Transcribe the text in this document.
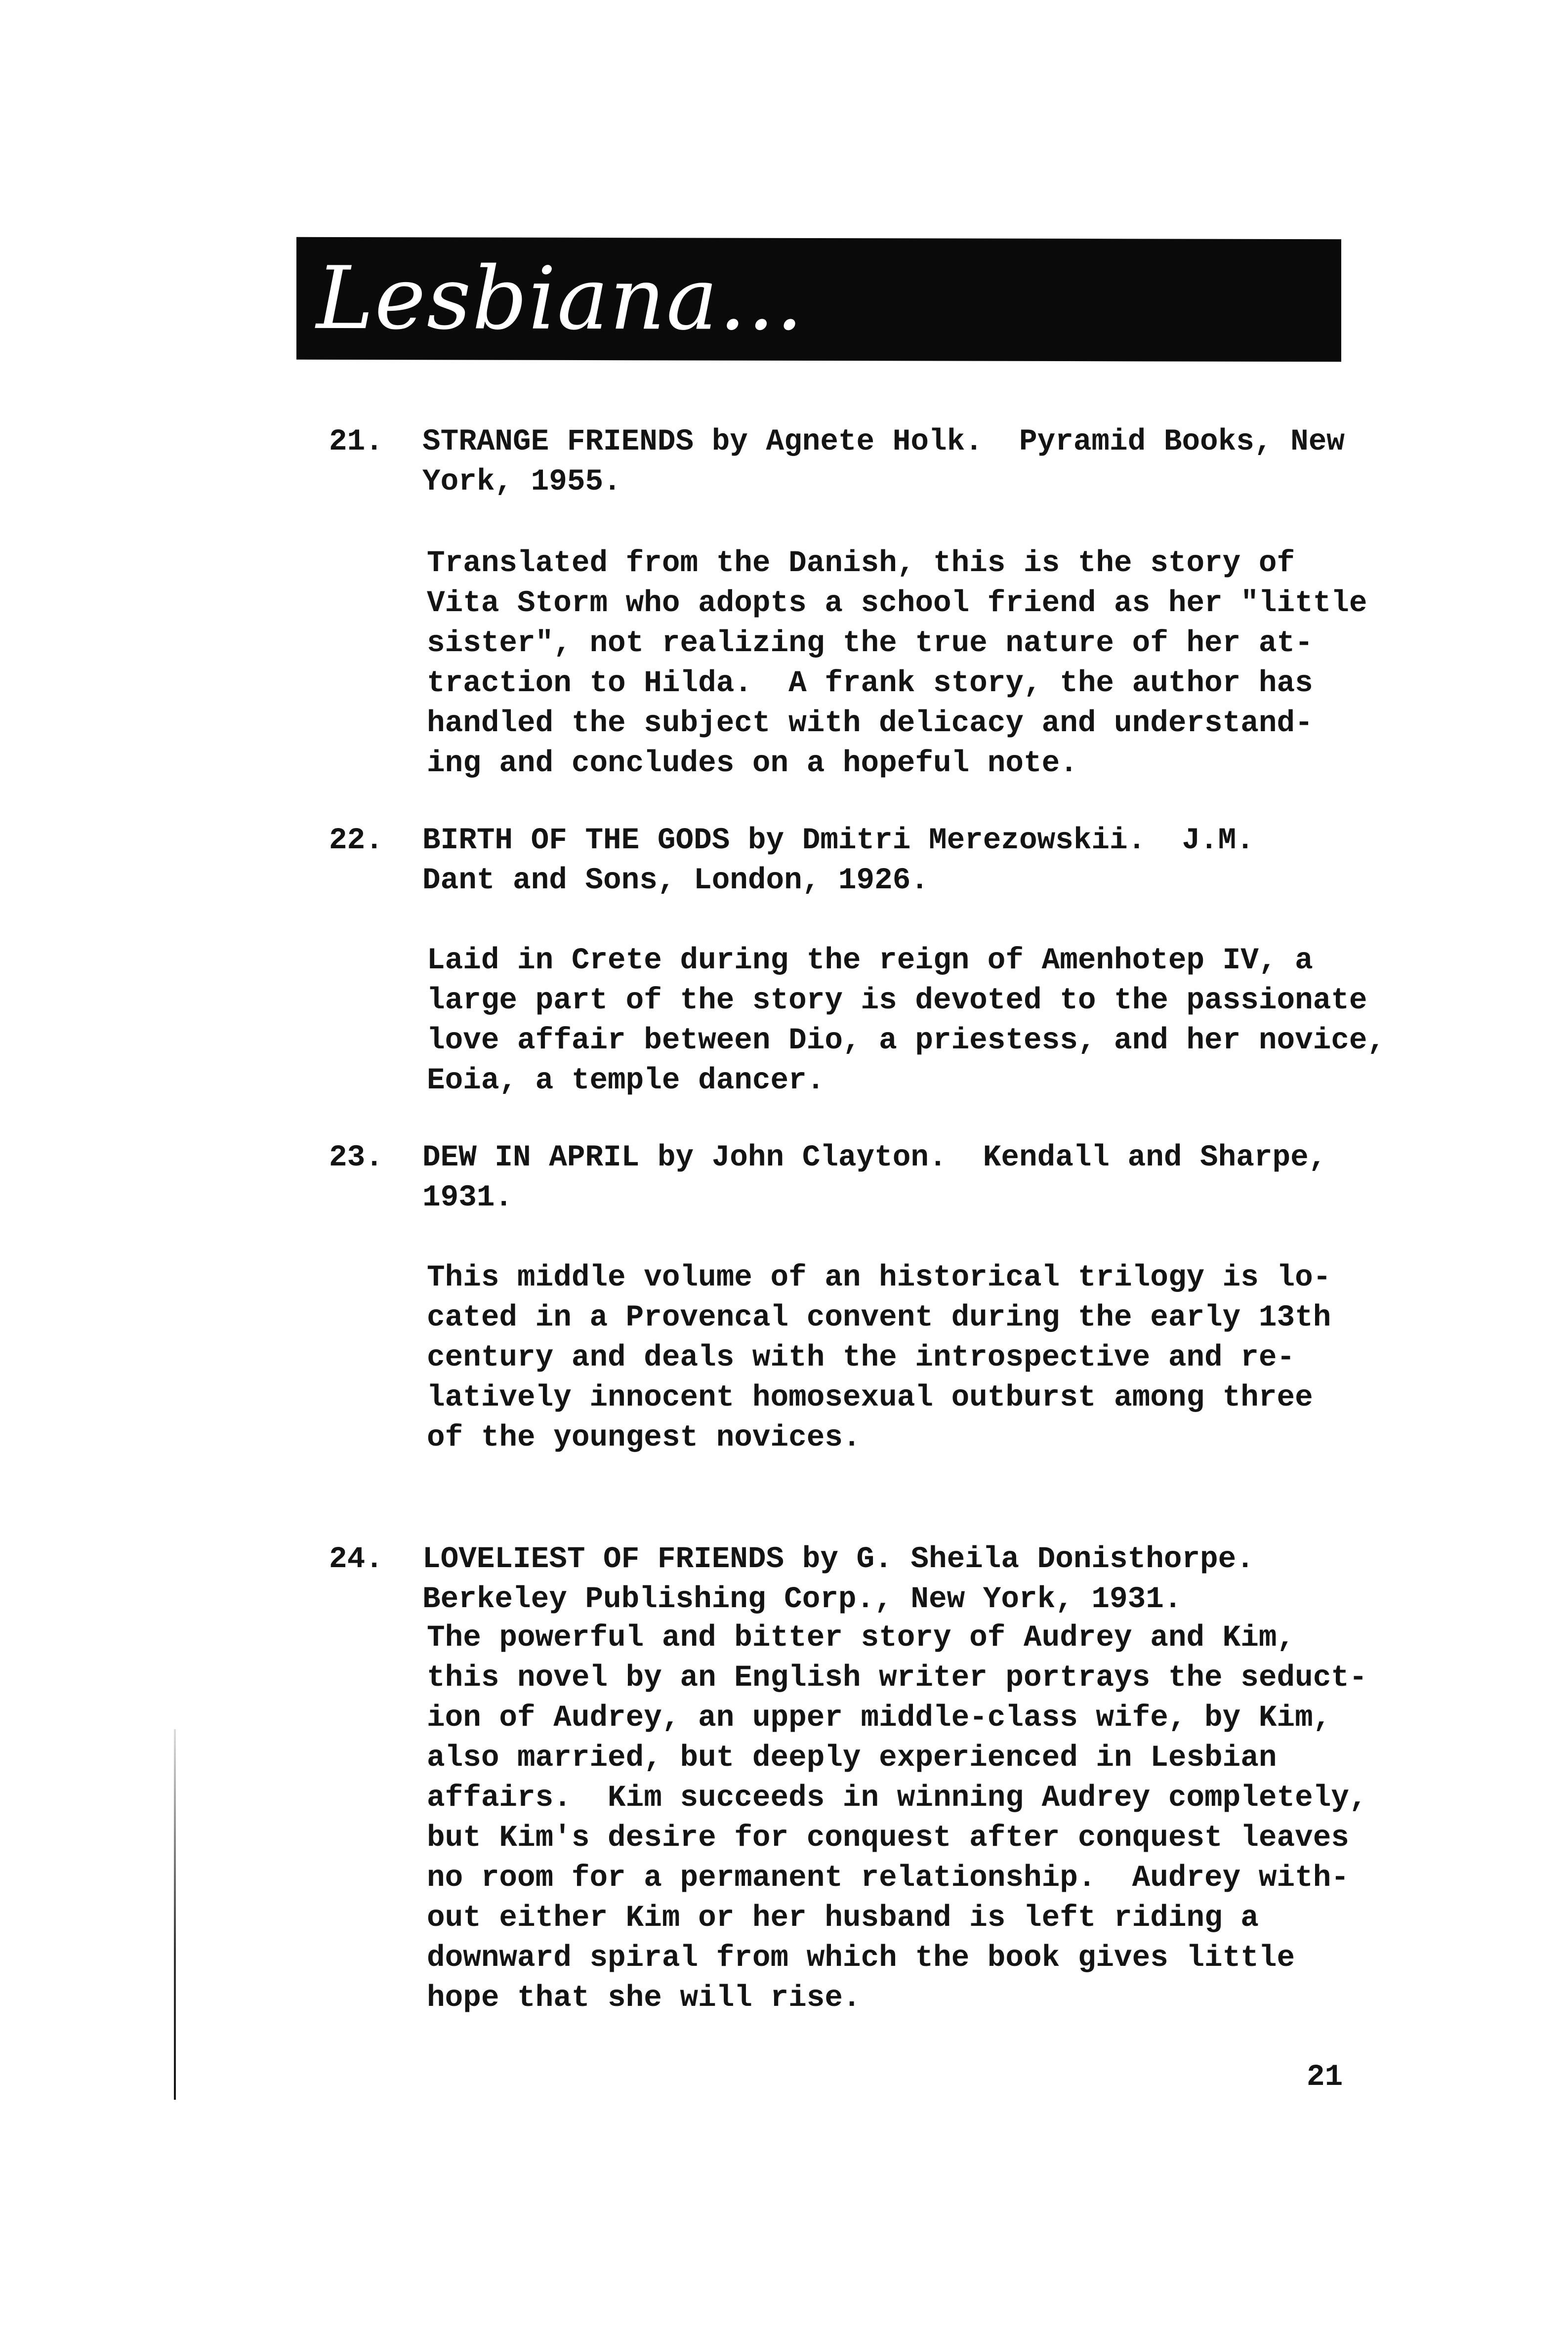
Lesbiana...
21. STRANGE FRIENDS by Agnete Holk.  Pyramid Books, New
York, 1955.
Translated from the Danish, this is the story of
Vita Storm who adopts a school friend as her "little
sister", not realizing the true nature of her at-
traction to Hilda.  A frank story, the author has
handled the subject with delicacy and understand-
ing and concludes on a hopeful note.
22. BIRTH OF THE GODS by Dmitri Merezowskii.  J.M.
Dant and Sons, London, 1926.
Laid in Crete during the reign of Amenhotep IV, a
large part of the story is devoted to the passionate
love affair between Dio, a priestess, and her novice,
Eoia, a temple dancer.
23. DEW IN APRIL by John Clayton.  Kendall and Sharpe,
1931.
This middle volume of an historical trilogy is lo-
cated in a Provencal convent during the early 13th
century and deals with the introspective and re-
latively innocent homosexual outburst among three
of the youngest novices.
24. LOVELIEST OF FRIENDS by G. Sheila Donisthorpe.
Berkeley Publishing Corp., New York, 1931.
The powerful and bitter story of Audrey and Kim,
this novel by an English writer portrays the seduct-
ion of Audrey, an upper middle-class wife, by Kim,
also married, but deeply experienced in Lesbian
affairs.  Kim succeeds in winning Audrey completely,
but Kim's desire for conquest after conquest leaves
no room for a permanent relationship.  Audrey with-
out either Kim or her husband is left riding a
downward spiral from which the book gives little
hope that she will rise.
21
